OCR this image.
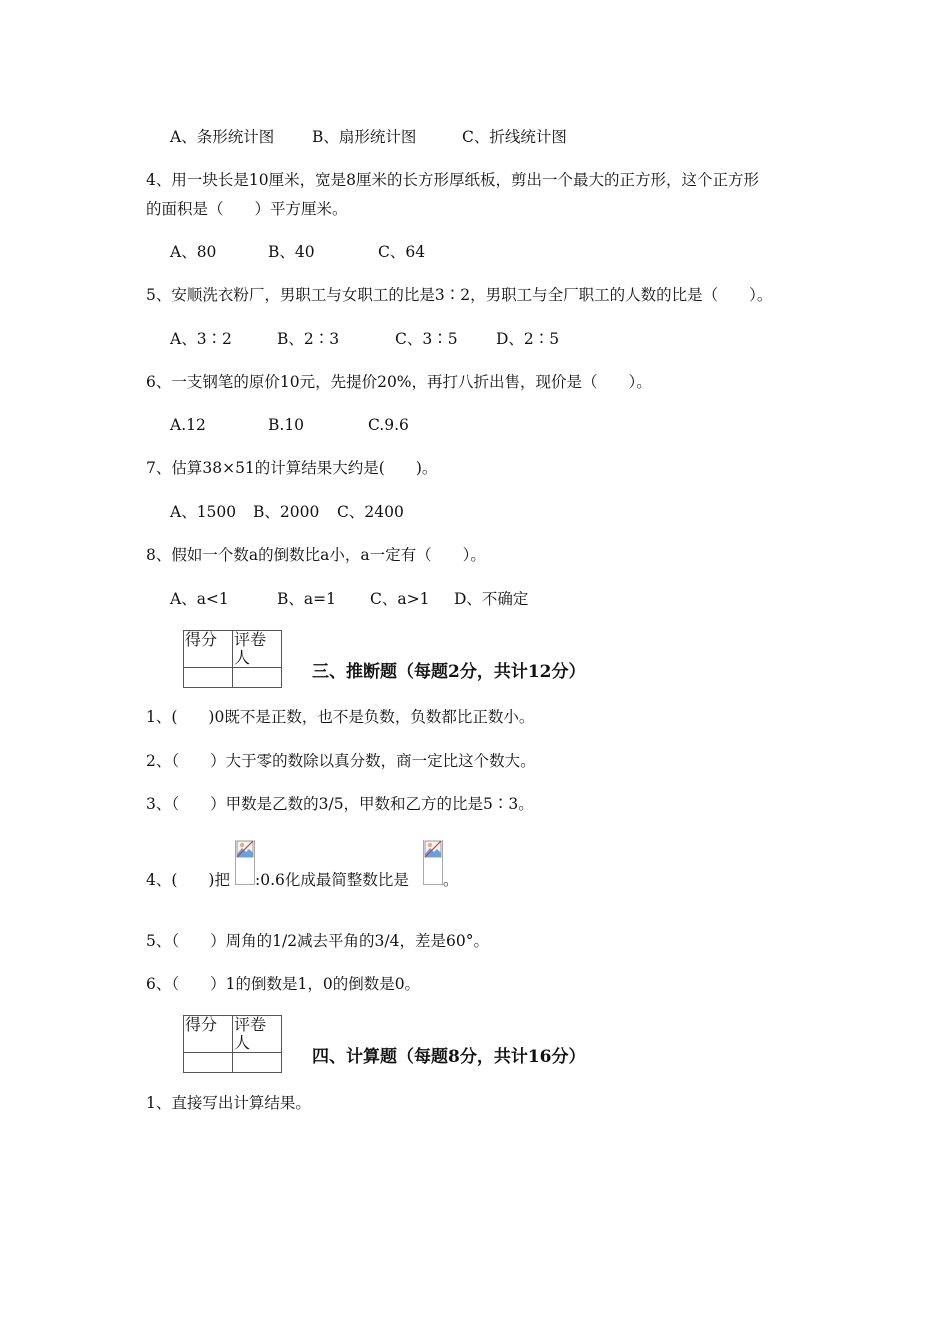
A、条形统计图 B、扇形统计图	C、折线统计图
4、用一块长是10厘米，宽是8厘米的长方形厚纸板，剪出一个最大的正方形，这个正方形
的面积是（　　）平方厘米。
A、80	B、40	C、64
5、安顺洗衣粉厂，男职工与女职工的比是3∶2，男职工与全厂职工的人数的比是（　　）。
A、3∶2	B、2∶3	C、3∶5 D、2∶5
6、一支钢笔的原价10元，先提价20%，再打八折出售，现价是（　　）。
A.12	B.10	C.9.6
7、估算38×51的计算结果大约是(　　)。
A、1500 B、2000 C、2400
8、假如一个数a的倒数比a小，a一定有（　　）。
A、a<1	B、a=1 C、a>1 D、不确定
得分	评卷人

三、推断题（每题2分，共计12分）
1、(　　)0既不是正数，也不是负数，负数都比正数小。
2、（　　）大于零的数除以真分数，商一定比这个数大。
3、（　　）甲数是乙数的3/5，甲数和乙方的比是5∶3。
4、(　　)把 :0.6化成最简整数比是 。
5、（　　）周角的1/2减去平角的3/4，差是60°。
6、（　　）1的倒数是1，0的倒数是0。
得分	评卷人

四、计算题（每题8分，共计16分）
1、直接写出计算结果。
